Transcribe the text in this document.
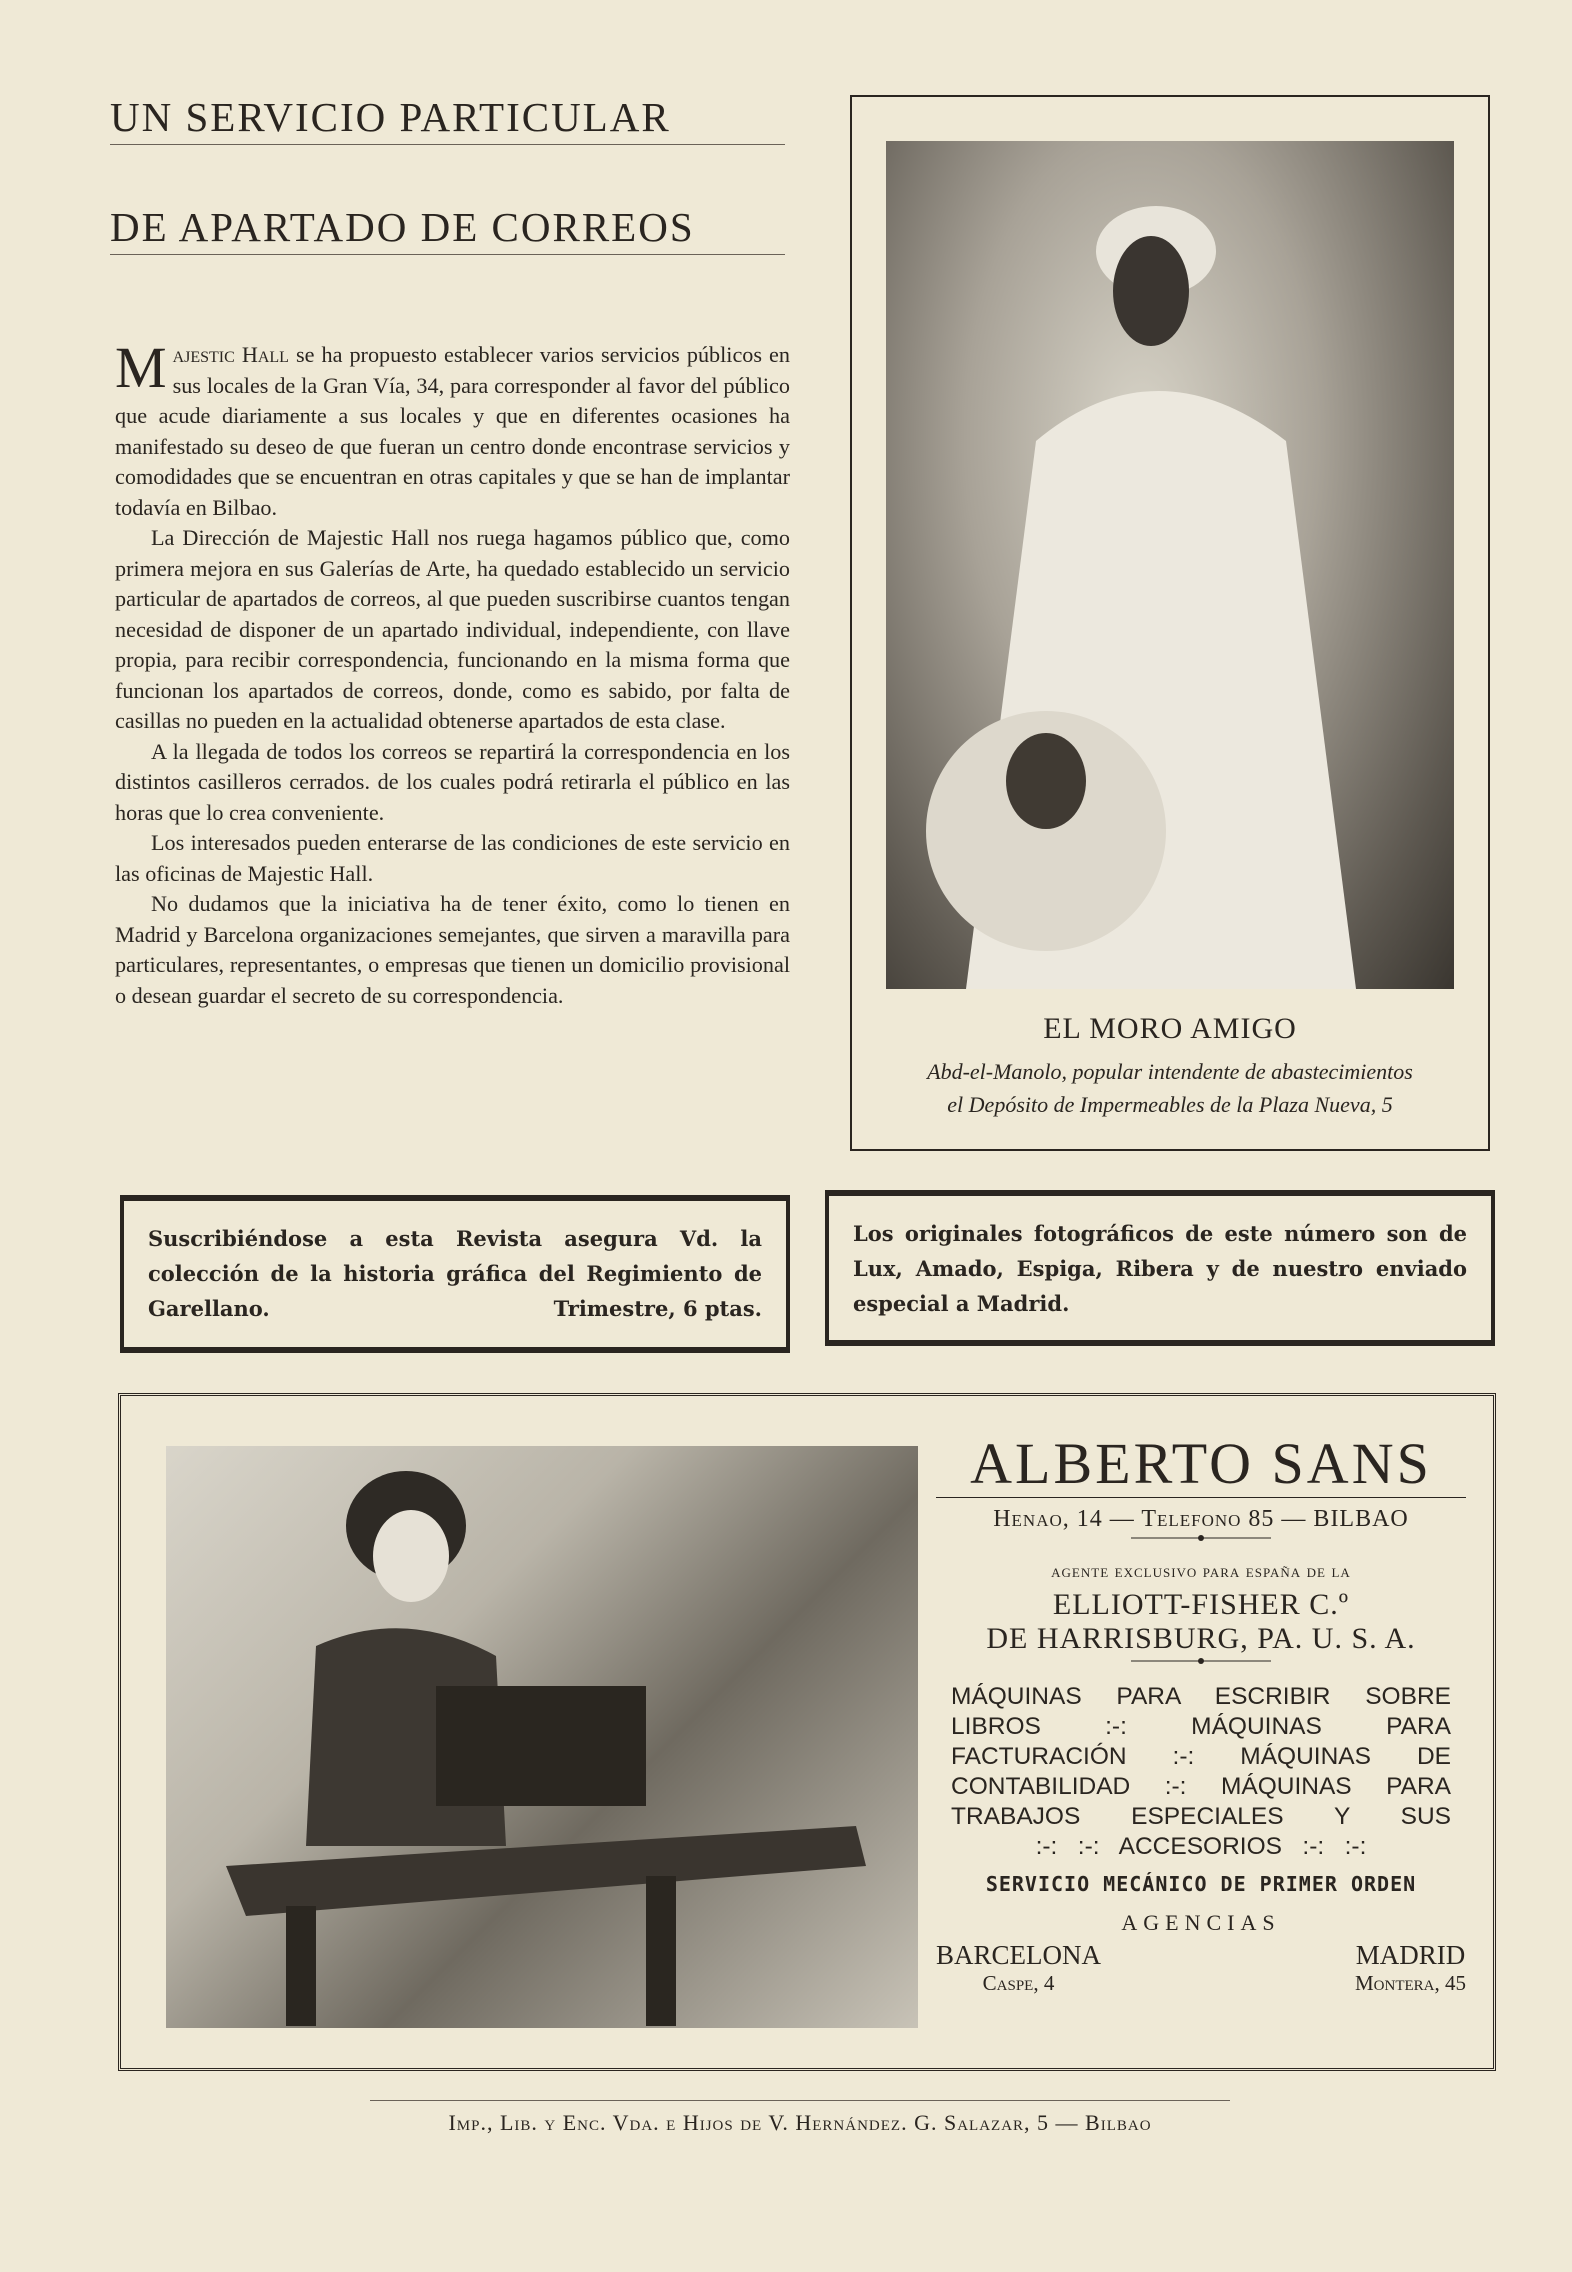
UN SERVICIO PARTICULAR
DE APARTADO DE CORREOS

Majestic Hall se ha propuesto establecer varios servicios públicos en sus locales de la Gran Vía, 34, para corresponder al favor del público que acude diariamente a sus locales y que en diferentes ocasiones ha manifestado su deseo de que fueran un centro donde encontrase servicios y comodidades que se encuentran en otras capitales y que se han de implantar todavía en Bilbao.

La Dirección de Majestic Hall nos ruega hagamos público que, como primera mejora en sus Galerías de Arte, ha quedado establecido un servicio particular de apartados de correos, al que pueden suscribirse cuantos tengan necesidad de disponer de un apartado individual, independiente, con llave propia, para recibir correspondencia, funcionando en la misma forma que funcionan los apartados de correos, donde, como es sabido, por falta de casillas no pueden en la actualidad obtenerse apartados de esta clase.

A la llegada de todos los correos se repartirá la correspondencia en los distintos casilleros cerrados. de los cuales podrá retirarla el público en las horas que lo crea conveniente.

Los interesados pueden enterarse de las condiciones de este servicio en las oficinas de Majestic Hall.

No dudamos que la iniciativa ha de tener éxito, como lo tienen en Madrid y Barcelona organizaciones semejantes, que sirven a maravilla para particulares, representantes, o empresas que tienen un domicilio provisional o desean guardar el secreto de su correspondencia.

EL MORO AMIGO
Abd-el-Manolo, popular intendente de abastecimientos
el Depósito de Impermeables de la Plaza Nueva, 5
Suscribiéndose a esta Revista asegura Vd. la colección de la historia gráfica del Regimiento de Garellano.	Trimestre, 6 ptas.
Los originales fotográficos de este número son de Lux, Amado, Espiga, Ribera y de nuestro enviado especial a Madrid.
ALBERTO SANS
Henao, 14 — Telefono 85 — BILBAO
agente exclusivo para españa de la
ELLIOTT-FISHER C.º
DE HARRISBURG, PA. U. S. A.
MÁQUINAS PARA ESCRIBIR SOBRE LIBROS :-: MÁQUINAS PARA FACTURACIÓN :-: MÁQUINAS DE CONTABILIDAD :-: MÁQUINAS PARA TRABAJOS ESPECIALES Y SUS
:-:   :-:   ACCESORIOS   :-:   :-:
SERVICIO MECÁNICO DE PRIMER ORDEN
AGENCIAS
BARCELONA
Caspe, 4
MADRID
Montera, 45
Imp., Lib. y Enc. Vda. e Hijos de V. Hernández. G. Salazar, 5 — Bilbao
